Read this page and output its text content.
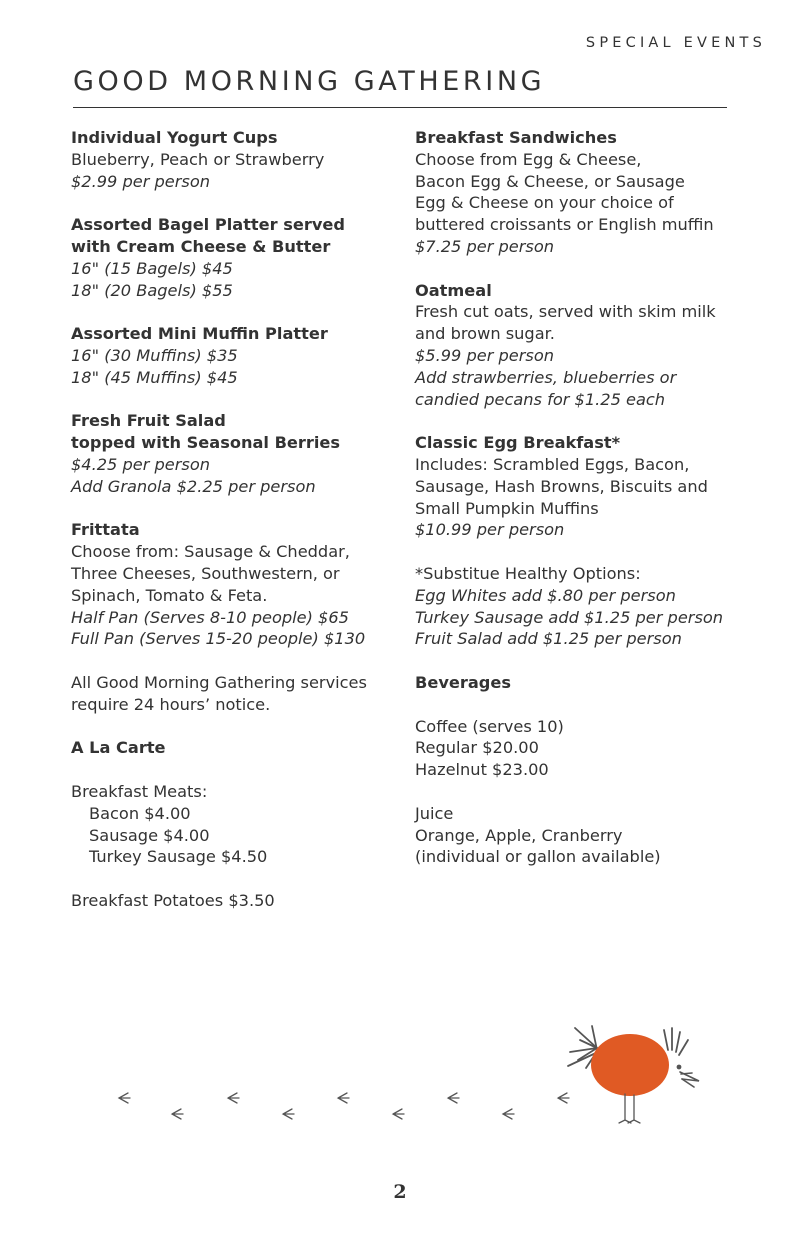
SPECIAL EVENTS
GOOD MORNING GATHERING
Individual Yogurt Cups
Blueberry, Peach or Strawberry
$2.99 per person
Assorted Bagel Platter served
with Cream Cheese & Butter
16" (15 Bagels) $45
18" (20 Bagels) $55
Assorted Mini Muffin Platter
16" (30 Muffins) $35
18" (45 Muffins) $45
Fresh Fruit Salad
topped with Seasonal Berries
$4.25 per person
Add Granola $2.25 per person
Frittata
Choose from: Sausage & Cheddar,
Three Cheeses, Southwestern, or
Spinach, Tomato & Feta.
Half Pan (Serves 8-10 people) $65
Full Pan (Serves 15-20 people) $130
All Good Morning Gathering services
require 24 hours’ notice.
A La Carte
Breakfast Meats:
Bacon $4.00
Sausage $4.00
Turkey Sausage $4.50
Breakfast Potatoes $3.50
Breakfast Sandwiches
Choose from Egg & Cheese,
Bacon Egg & Cheese, or Sausage
Egg & Cheese on your choice of
buttered croissants or English muffin
$7.25 per person
Oatmeal
Fresh cut oats, served with skim milk
and brown sugar.
$5.99 per person
Add strawberries, blueberries or
candied pecans for $1.25 each
Classic Egg Breakfast*
Includes: Scrambled Eggs, Bacon,
Sausage, Hash Browns, Biscuits and
Small Pumpkin Muffins
$10.99 per person
*Substitue Healthy Options:
Egg Whites add $.80 per person
Turkey Sausage add $1.25 per person
Fruit Salad add $1.25 per person
Beverages
Coffee (serves 10)
Regular $20.00
Hazelnut $23.00
Juice
Orange, Apple, Cranberry
(individual or gallon available)
2
